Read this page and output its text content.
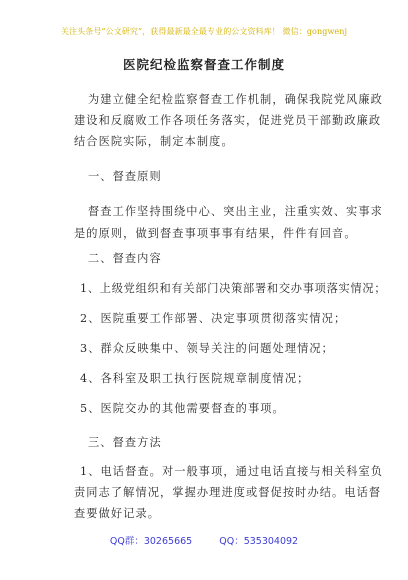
关注头条号“公文研究”，获得最新最全最专业的公文资料库！ 微信：gongwenj
医院纪检监察督查工作制度
为建立健全纪检监察督查工作机制，确保我院党风廉政
建设和反腐败工作各项任务落实，促进党员干部勤政廉政
结合医院实际，制定本制度。
一、督查原则
督查工作坚持围绕中心、突出主业，注重实效、实事求
是的原则，做到督查事项事事有结果，件件有回音。
二、督查内容
1、上级党组织和有关部门决策部署和交办事项落实情况；
2、医院重要工作部署、决定事项贯彻落实情况；
3、群众反映集中、领导关注的问题处理情况；
4、各科室及职工执行医院规章制度情况；
5、医院交办的其他需要督查的事项。
三、督查方法
1、电话督查。对一般事项，通过电话直接与相关科室负
QQ群：30265665	QQ：535304092
责同志了解情况，掌握办理进度或督促按时办结。电话督
查要做好记录。
